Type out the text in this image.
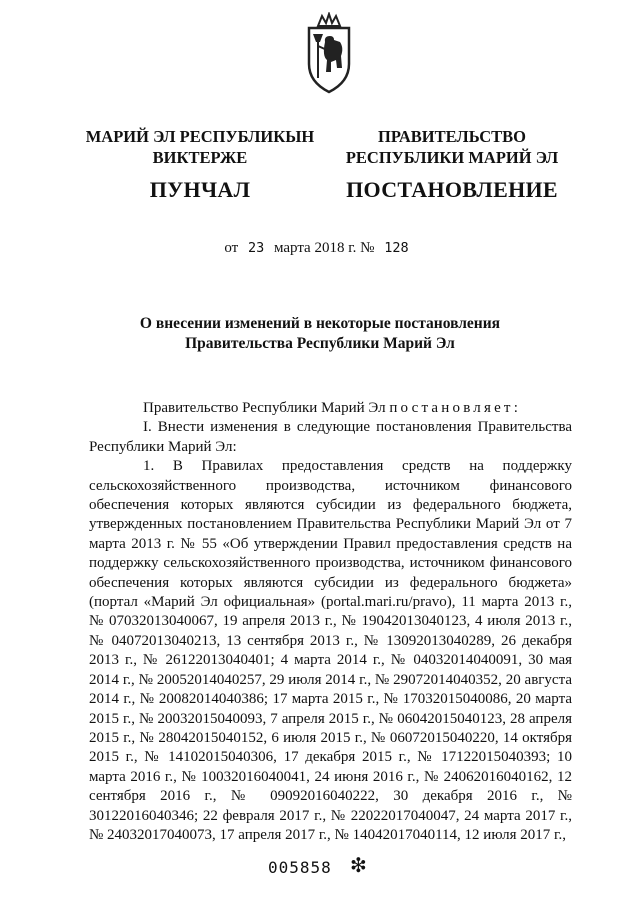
МАРИЙ ЭЛ РЕСПУБЛИКЫН
ВИКТЕРЖЕ
ПУНЧАЛ
ПРАВИТЕЛЬСТВО
РЕСПУБЛИКИ МАРИЙ ЭЛ
ПОСТАНОВЛЕНИЕ
от 23 марта 2018 г. № 128
О внесении изменений в некоторые постановления
Правительства Республики Марий Эл

Правительство Республики Марий Эл постановляет:

I. Внести изменения в следующие постановления Правительства Республики Марий Эл:

1. В Правилах предоставления средств на поддержку сельскохозяйственного производства, источником финансового обеспечения которых являются субсидии из федерального бюджета, утвержденных постановлением Правительства Республики Марий Эл от 7 марта 2013 г. № 55 «Об утверждении Правил предоставления средств на поддержку сельскохозяйственного производства, источником финансового обеспечения которых являются субсидии из федерального бюджета» (портал «Марий Эл официальная» (portal.mari.ru/pravo), 11 марта 2013 г., № 07032013040067, 19 апреля 2013 г., № 19042013040123, 4 июля 2013 г., № 04072013040213, 13 сентября 2013 г., № 13092013040289, 26 декабря 2013 г., № 26122013040401; 4 марта 2014 г., № 04032014040091, 30 мая 2014 г., № 20052014040257, 29 июля 2014 г., № 29072014040352, 20 августа 2014 г., № 20082014040386; 17 марта 2015 г., № 17032015040086, 20 марта 2015 г., № 20032015040093, 7 апреля 2015 г., № 06042015040123, 28 апреля 2015 г., № 28042015040152, 6 июля 2015 г., № 06072015040220, 14 октября 2015 г., № 14102015040306, 17 декабря 2015 г., № 17122015040393; 10 марта 2016 г., № 10032016040041, 24 июня 2016 г., № 24062016040162, 12 сентября 2016 г., № 09092016040222, 30 декабря 2016 г., № 30122016040346; 22 февраля 2017 г., № 22022017040047, 24 марта 2017 г., № 24032017040073, 17 апреля 2017 г., № 14042017040114, 12 июля 2017 г.,

005858 ❇
